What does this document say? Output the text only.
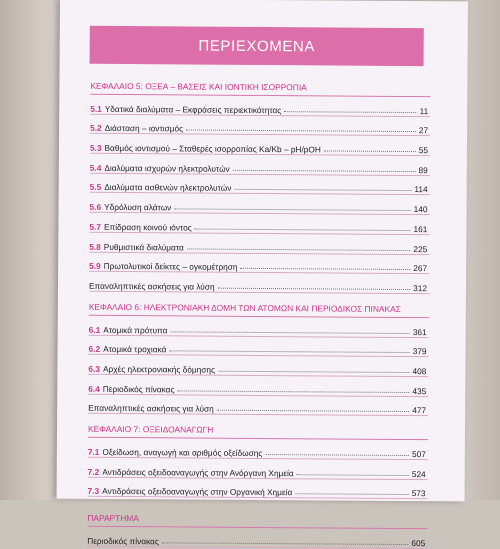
ΠΕΡΙΕΧΟΜΕΝΑ
ΚΕΦΑΛΑΙΟ 5: ΟΞΕΑ – ΒΑΣΕΙΣ ΚΑΙ ΙΟΝΤΙΚΗ ΙΣΟΡΡΟΠΙΑ
5.1 Υδατικά διαλύματα – Εκφράσεις περιεκτικότητας	11
5.2 Διάσταση – ιοντισμός	27
5.3 Βαθμός ιοντισμού – Σταθερές ισορροπίας Ka/Kb – pH/pOH	55
5.4 Διαλύματα ισχυρών ηλεκτρολυτών	89
5.5 Διαλύματα ασθενών ηλεκτρολυτών	114
5.6 Υδρόλυση αλάτων	140
5.7 Επίδραση κοινού ιόντος	161
5.8 Ρυθμιστικά διαλύματα	225
5.9 Πρωτολυτικοί δείκτες – ογκομέτρηση	267
Επαναληπτικές ασκήσεις για λύση	312
ΚΕΦΑΛΑΙΟ 6: ΗΛΕΚΤΡΟΝΙΑΚΗ ΔΟΜΗ ΤΩΝ ΑΤΟΜΩΝ ΚΑΙ ΠΕΡΙΟΔΙΚΟΣ ΠΙΝΑΚΑΣ
6.1 Ατομικά πρότυπα	361
6.2 Ατομικά τροχιακά	379
6.3 Αρχές ηλεκτρονιακής δόμησης	408
6.4 Περιοδικός πίνακας	435
Επαναληπτικές ασκήσεις για λύση	477
ΚΕΦΑΛΑΙΟ 7: ΟΞΕΙΔΟΑΝΑΓΩΓΗ
7.1 Οξείδωση, αναγωγή και αριθμός οξείδωσης	507
7.2 Αντιδράσεις οξειδοαναγωγής στην Ανόργανη Χημεία	524
7.3 Αντιδράσεις οξειδοαναγωγής στην Οργανική Χημεία	573
ΠΑΡΑΡΤΗΜΑ
Περιοδικός πίνακας	605
